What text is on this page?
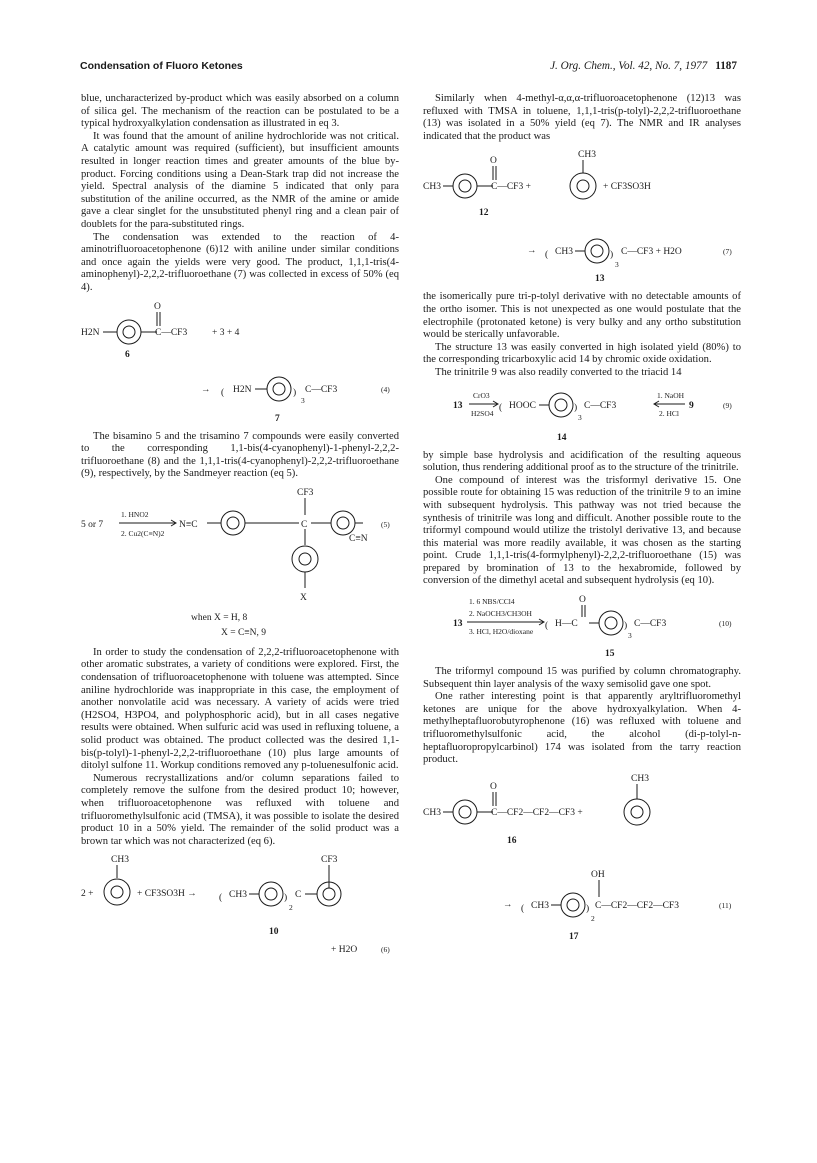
Condensation of Fluoro Ketones	J. Org. Chem., Vol. 42, No. 7, 1977 1187

blue, uncharacterized by-product which was easily absorbed on a column of silica gel. The mechanism of the reaction can be postulated to be a typical hydroxyalkylation condensation as illustrated in eq 3.

It was found that the amount of aniline hydrochloride was not critical. A catalytic amount was required (sufficient), but insufficient amounts resulted in longer reaction times and greater amounts of the blue by-product. Forcing conditions using a Dean-Stark trap did not increase the yield. Spectral analysis of the diamine 5 indicated that only para substitution of the aniline occurred, as the NMR of the amine or amide gave a clear singlet for the unsubstituted phenyl ring and a clean pair of doublets for the para-substituted rings.

The condensation was extended to the reaction of 4-aminotrifluoroacetophenone (6)12 with aniline under similar conditions and once again the yields were very good. The product, 1,1,1-tris(4-aminophenyl)-2,2,2-trifluoroethane (7) was collected in excess of 50% (eq 4).

H2N
O
C—CF3	+ 3 + 4
6
→ ( H2N	)
3
C—CF3	(4)
7

The bisamino 5 and the trisamino 7 compounds were easily converted to the corresponding 1,1-bis(4-cyanophenyl)-1-phenyl-2,2,2-trifluoroethane (8) and the 1,1,1-tris(4-cyanophenyl)-2,2,2-trifluoroethane (9), respectively, by the Sandmeyer reaction (eq 5).

CF3
5 or 7
1. HNO2
2. Cu2(C≡N)2
N≡C	C
C≡N
(5)
X
when X = H, 8
X = C≡N, 9

In order to study the condensation of 2,2,2-trifluoroacetophenone with other aromatic substrates, a variety of conditions were explored. First, the condensation of trifluoroacetophenone with toluene was attempted. Since aniline hydrochloride was inappropriate in this case, the employment of another nonvolatile acid was necessary. A variety of acids were tried (H2SO4, H3PO4, and polyphosphoric acid), but in all cases negative results were obtained. When sulfuric acid was used in refluxing toluene, a solid product was obtained. The product collected was the desired 1,1-bis(p-tolyl)-1-phenyl-2,2,2-trifluoroethane (10) plus large amounts of ditolyl sulfone 11. Workup conditions removed any p-toluenesulfonic acid.

Numerous recrystallizations and/or column separations failed to completely remove the sulfone from the desired product 10; however, when trifluoroacetophenone was refluxed with toluene and trifluoromethylsulfonic acid (TMSA), it was possible to isolate the desired product 10 in a 50% yield. The remainder of the solid product was a brown tar which was not characterized (eq 6).

CH3
2 +	+ CF3SO3H → ( CH3	)
2
CF3
C
10
+ H2O	(6)

Similarly when 4-methyl-α,α,α-trifluoroacetophenone (12)13 was refluxed with TMSA in toluene, 1,1,1-tris(p-tolyl)-2,2,2-trifluoroethane (13) was isolated in a 50% yield (eq 7). The NMR and IR analyses indicated that the product was

CH3
O
C—CF3 +
CH3
+ CF3SO3H
12
→ ( CH3	)
3
C—CF3 + H2O	(7)
13

the isomerically pure tri-p-tolyl derivative with no detectable amounts of the ortho isomer. This is not unexpected as one would postulate that the electrophile (protonated ketone) is very bulky and any ortho substitution would be sterically unfavorable.

The structure 13 was easily converted in high isolated yield (80%) to the corresponding tricarboxylic acid 14 by chromic oxide oxidation.

The trinitrile 9 was also readily converted to the triacid 14

13
CrO3
H2SO4
( HOOC	)
3
C—CF3
1. NaOH
2. HCl
9	(9)
14

by simple base hydrolysis and acidification of the resulting aqueous solution, thus rendering additional proof as to the structure of the trinitrile.

One compound of interest was the trisformyl derivative 15. One possible route for obtaining 15 was reduction of the trinitrile 9 to an imine with subsequent hydrolysis. This pathway was not tried because the synthesis of trinitrile was long and difficult. Another possible route to the triformyl compound would utilize the tristolyl derivative 13, and because this material was more readily available, it was chosen as the starting point. Crude 1,1,1-tris(4-formylphenyl)-2,2,2-trifluoroethane (15) was prepared by bromination of 13 to the hexabromide, followed by conversion of the dimethyl acetal and subsequent hydrolysis (eq 10).

13
1. 6 NBS/CCl4
2. NaOCH3/CH3OH
3. HCl, H2O/dioxane
( H—C
O
)
3
C—CF3	(10)
15

The triformyl compound 15 was purified by column chromatography. Subsequent thin layer analysis of the waxy semisolid gave one spot.

One rather interesting point is that apparently aryltrifluoromethyl ketones are unique for the above hydroxyalkylation. When 4-methylheptafluorobutyrophenone (16) was refluxed with toluene and trifluoromethylsulfonic acid, the alcohol (di-p-tolyl-n-heptafluoropropylcarbinol) 174 was isolated from the tarry reaction product.

CH3
O
C—CF2—CF2—CF3 +
CH3
16
→ ( CH3	)
2
OH
C—CF2—CF2—CF3	(11)
17
